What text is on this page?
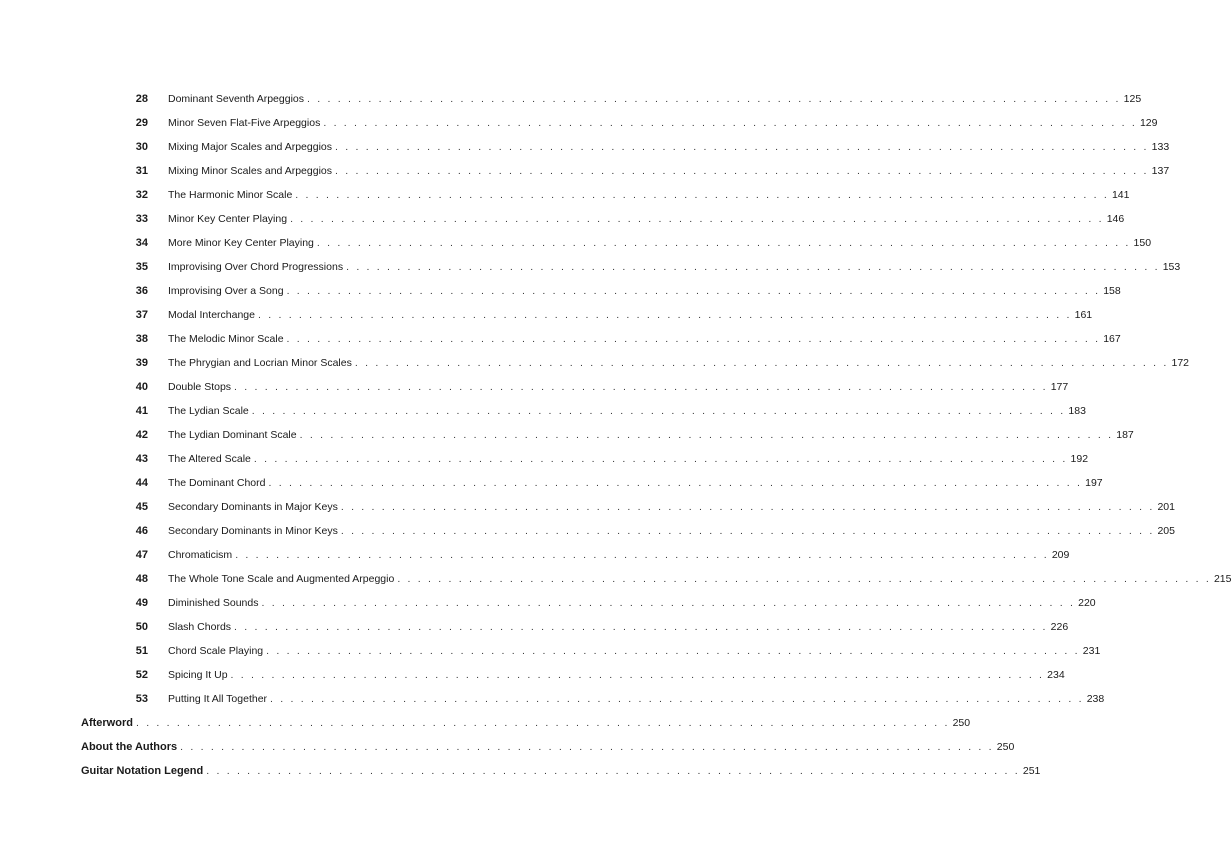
28 Dominant Seventh Arpeggios . . . . . . . . . . . . . . . . . . . . . . . . . . . . . . . . . . . . . . . . . . . . . . . . . . . . . . . . . . . . . . . . . . . . . . . . . . . . . . . . 125
29 Minor Seven Flat-Five Arpeggios . . . . . . . . . . . . . . . . . . . . . . . . . . . . . . . . . . . . . . . . . . . . . . . . . . . . . . . . . . . . . . . . . . . . . . . . . . . . . . . . 129
30 Mixing Major Scales and Arpeggios . . . . . . . . . . . . . . . . . . . . . . . . . . . . . . . . . . . . . . . . . . . . . . . . . . . . . . . . . . . . . . . . . . . . . . . . . . . . . . . . 133
31 Mixing Minor Scales and Arpeggios . . . . . . . . . . . . . . . . . . . . . . . . . . . . . . . . . . . . . . . . . . . . . . . . . . . . . . . . . . . . . . . . . . . . . . . . . . . . . . . . 137
32 The Harmonic Minor Scale . . . . . . . . . . . . . . . . . . . . . . . . . . . . . . . . . . . . . . . . . . . . . . . . . . . . . . . . . . . . . . . . . . . . . . . . . . . . . . . . 141
33 Minor Key Center Playing . . . . . . . . . . . . . . . . . . . . . . . . . . . . . . . . . . . . . . . . . . . . . . . . . . . . . . . . . . . . . . . . . . . . . . . . . . . . . . . . 146
34 More Minor Key Center Playing . . . . . . . . . . . . . . . . . . . . . . . . . . . . . . . . . . . . . . . . . . . . . . . . . . . . . . . . . . . . . . . . . . . . . . . . . . . . . . . . 150
35 Improvising Over Chord Progressions . . . . . . . . . . . . . . . . . . . . . . . . . . . . . . . . . . . . . . . . . . . . . . . . . . . . . . . . . . . . . . . . . . . . . . . . . . . . . . . . 153
36 Improvising Over a Song . . . . . . . . . . . . . . . . . . . . . . . . . . . . . . . . . . . . . . . . . . . . . . . . . . . . . . . . . . . . . . . . . . . . . . . . . . . . . . . . 158
37 Modal Interchange . . . . . . . . . . . . . . . . . . . . . . . . . . . . . . . . . . . . . . . . . . . . . . . . . . . . . . . . . . . . . . . . . . . . . . . . . . . . . . . . 161
38 The Melodic Minor Scale . . . . . . . . . . . . . . . . . . . . . . . . . . . . . . . . . . . . . . . . . . . . . . . . . . . . . . . . . . . . . . . . . . . . . . . . . . . . . . . . 167
39 The Phrygian and Locrian Minor Scales . . . . . . . . . . . . . . . . . . . . . . . . . . . . . . . . . . . . . . . . . . . . . . . . . . . . . . . . . . . . . . . . . . . . . . . . . . . . . . . . 172
40 Double Stops . . . . . . . . . . . . . . . . . . . . . . . . . . . . . . . . . . . . . . . . . . . . . . . . . . . . . . . . . . . . . . . . . . . . . . . . . . . . . . . . 177
41 The Lydian Scale . . . . . . . . . . . . . . . . . . . . . . . . . . . . . . . . . . . . . . . . . . . . . . . . . . . . . . . . . . . . . . . . . . . . . . . . . . . . . . . . 183
42 The Lydian Dominant Scale . . . . . . . . . . . . . . . . . . . . . . . . . . . . . . . . . . . . . . . . . . . . . . . . . . . . . . . . . . . . . . . . . . . . . . . . . . . . . . . . 187
43 The Altered Scale . . . . . . . . . . . . . . . . . . . . . . . . . . . . . . . . . . . . . . . . . . . . . . . . . . . . . . . . . . . . . . . . . . . . . . . . . . . . . . . . 192
44 The Dominant Chord . . . . . . . . . . . . . . . . . . . . . . . . . . . . . . . . . . . . . . . . . . . . . . . . . . . . . . . . . . . . . . . . . . . . . . . . . . . . . . . . 197
45 Secondary Dominants in Major Keys . . . . . . . . . . . . . . . . . . . . . . . . . . . . . . . . . . . . . . . . . . . . . . . . . . . . . . . . . . . . . . . . . . . . . . . . . . . . . . . . 201
46 Secondary Dominants in Minor Keys . . . . . . . . . . . . . . . . . . . . . . . . . . . . . . . . . . . . . . . . . . . . . . . . . . . . . . . . . . . . . . . . . . . . . . . . . . . . . . . . 205
47 Chromaticism . . . . . . . . . . . . . . . . . . . . . . . . . . . . . . . . . . . . . . . . . . . . . . . . . . . . . . . . . . . . . . . . . . . . . . . . . . . . . . . . 209
48 The Whole Tone Scale and Augmented Arpeggio . . . . . . . . . . . . . . . . . . . . . . . . . . . . . . . . . . . . . . . . . . . . . . . . . . . . . . . . . . . . . . . . . . . . . . . . . . . . . . . . 215
49 Diminished Sounds . . . . . . . . . . . . . . . . . . . . . . . . . . . . . . . . . . . . . . . . . . . . . . . . . . . . . . . . . . . . . . . . . . . . . . . . . . . . . . . . 220
50 Slash Chords . . . . . . . . . . . . . . . . . . . . . . . . . . . . . . . . . . . . . . . . . . . . . . . . . . . . . . . . . . . . . . . . . . . . . . . . . . . . . . . . 226
51 Chord Scale Playing . . . . . . . . . . . . . . . . . . . . . . . . . . . . . . . . . . . . . . . . . . . . . . . . . . . . . . . . . . . . . . . . . . . . . . . . . . . . . . . . 231
52 Spicing It Up . . . . . . . . . . . . . . . . . . . . . . . . . . . . . . . . . . . . . . . . . . . . . . . . . . . . . . . . . . . . . . . . . . . . . . . . . . . . . . . . 234
53 Putting It All Together . . . . . . . . . . . . . . . . . . . . . . . . . . . . . . . . . . . . . . . . . . . . . . . . . . . . . . . . . . . . . . . . . . . . . . . . . . . . . . . . 238
Afterword . . . . . . . . . . . . . . . . . . . . . . . . . . . . . . . . . . . . . . . . . . . . . . . . . . . . . . . . . . . . . . . . . . . . . . . . . . . . . . . . 250
About the Authors . . . . . . . . . . . . . . . . . . . . . . . . . . . . . . . . . . . . . . . . . . . . . . . . . . . . . . . . . . . . . . . . . . . . . . . . . . . . . . . . 250
Guitar Notation Legend . . . . . . . . . . . . . . . . . . . . . . . . . . . . . . . . . . . . . . . . . . . . . . . . . . . . . . . . . . . . . . . . . . . . . . . . . . . . . . . . 251
